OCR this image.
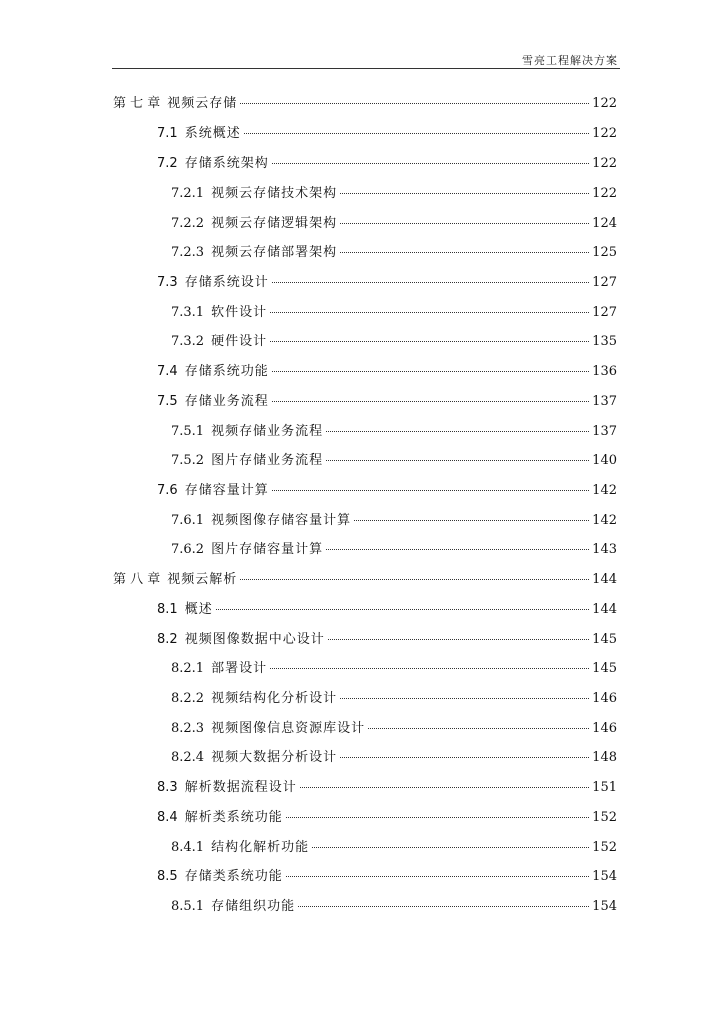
雪亮工程解决方案
第 七 章 视频云存储	122
7.1 系统概述	122
7.2 存储系统架构	122
7.2.1 视频云存储技术架构	122
7.2.2 视频云存储逻辑架构	124
7.2.3 视频云存储部署架构	125
7.3 存储系统设计	127
7.3.1 软件设计	127
7.3.2 硬件设计	135
7.4 存储系统功能	136
7.5 存储业务流程	137
7.5.1 视频存储业务流程	137
7.5.2 图片存储业务流程	140
7.6 存储容量计算	142
7.6.1 视频图像存储容量计算	142
7.6.2 图片存储容量计算	143
第 八 章 视频云解析	144
8.1 概述	144
8.2 视频图像数据中心设计	145
8.2.1 部署设计	145
8.2.2 视频结构化分析设计	146
8.2.3 视频图像信息资源库设计	146
8.2.4 视频大数据分析设计	148
8.3 解析数据流程设计	151
8.4 解析类系统功能	152
8.4.1 结构化解析功能	152
8.5 存储类系统功能	154
8.5.1 存储组织功能	154
